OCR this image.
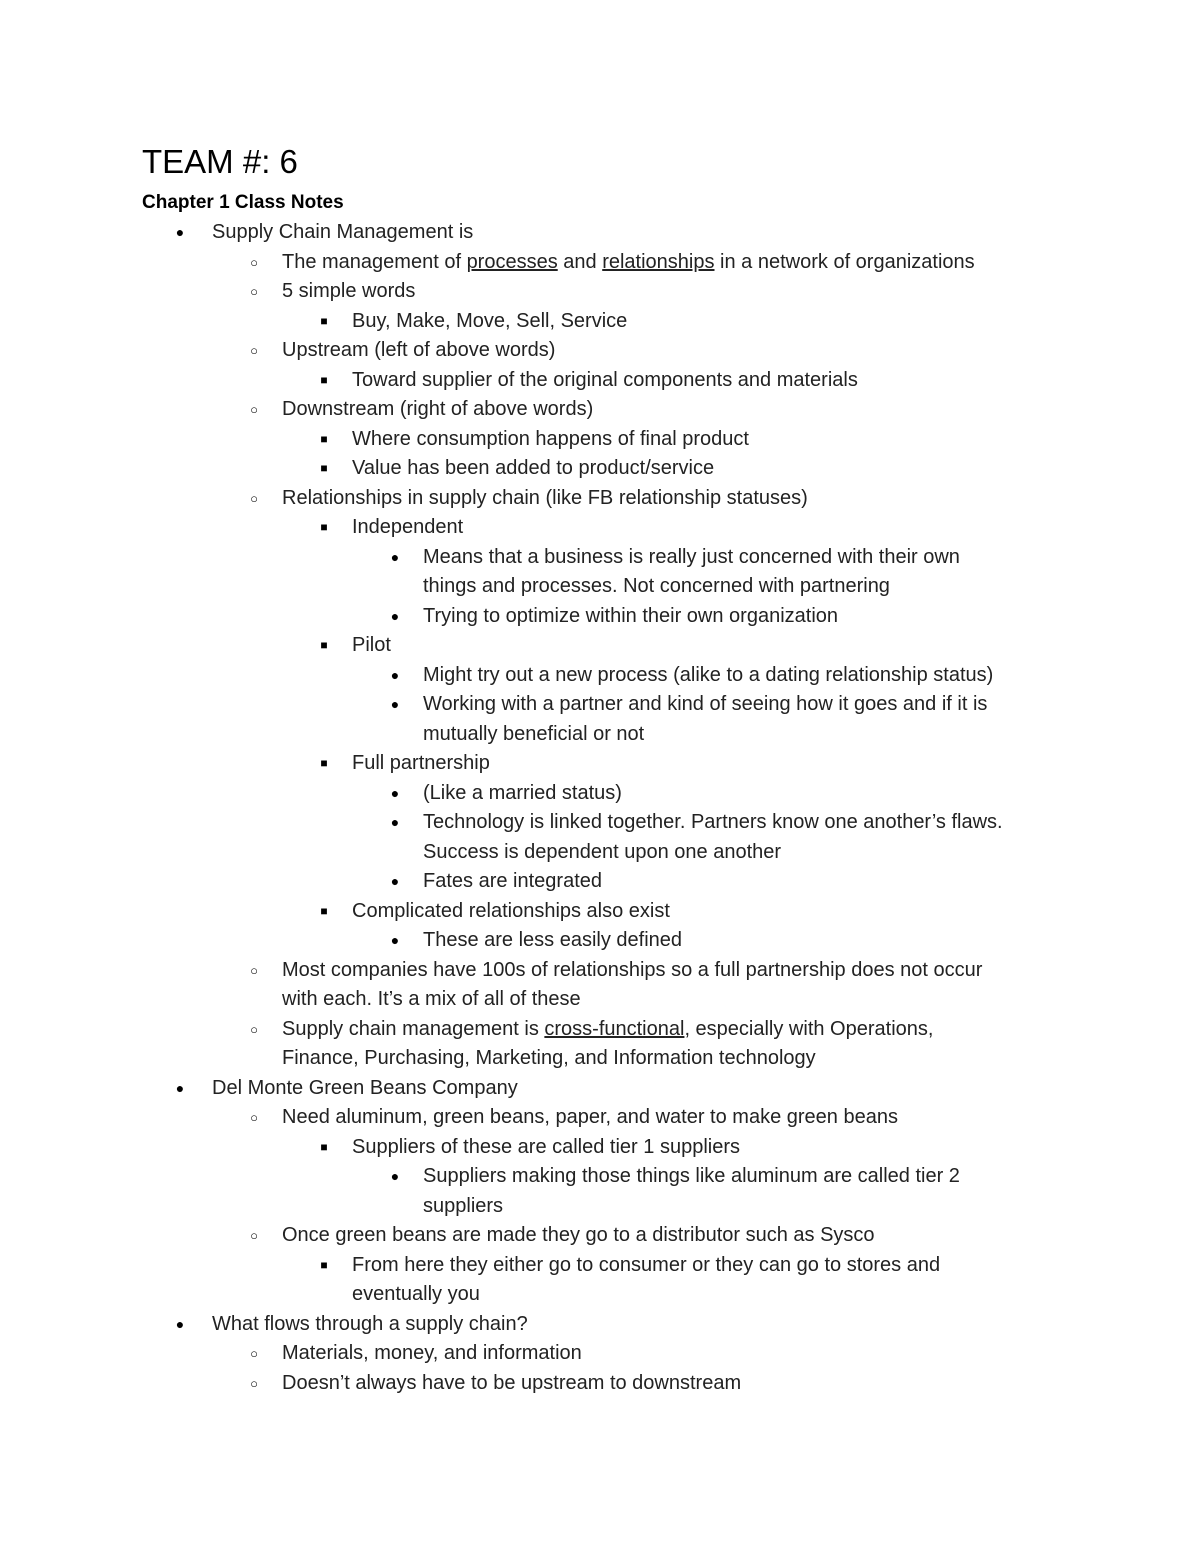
TEAM #: 6
Chapter 1 Class Notes
● Supply Chain Management is
○ The management of processes and relationships in a network of organizations
○ 5 simple words
■ Buy, Make, Move, Sell, Service
○ Upstream (left of above words)
■ Toward supplier of the original components and materials
○ Downstream (right of above words)
■ Where consumption happens of final product
■ Value has been added to product/service
○ Relationships in supply chain (like FB relationship statuses)
■ Independent
● Means that a business is really just concerned with their own
things and processes. Not concerned with partnering
● Trying to optimize within their own organization
■ Pilot
● Might try out a new process (alike to a dating relationship status)
● Working with a partner and kind of seeing how it goes and if it is
mutually beneficial or not
■ Full partnership
● (Like a married status)
● Technology is linked together. Partners know one another’s flaws.
Success is dependent upon one another
● Fates are integrated
■ Complicated relationships also exist
● These are less easily defined
○ Most companies have 100s of relationships so a full partnership does not occur
with each. It’s a mix of all of these
○ Supply chain management is cross-functional, especially with Operations,
Finance, Purchasing, Marketing, and Information technology
● Del Monte Green Beans Company
○ Need aluminum, green beans, paper, and water to make green beans
■ Suppliers of these are called tier 1 suppliers
● Suppliers making those things like aluminum are called tier 2
suppliers
○ Once green beans are made they go to a distributor such as Sysco
■ From here they either go to consumer or they can go to stores and
eventually you
● What flows through a supply chain?
○ Materials, money, and information
○ Doesn’t always have to be upstream to downstream
